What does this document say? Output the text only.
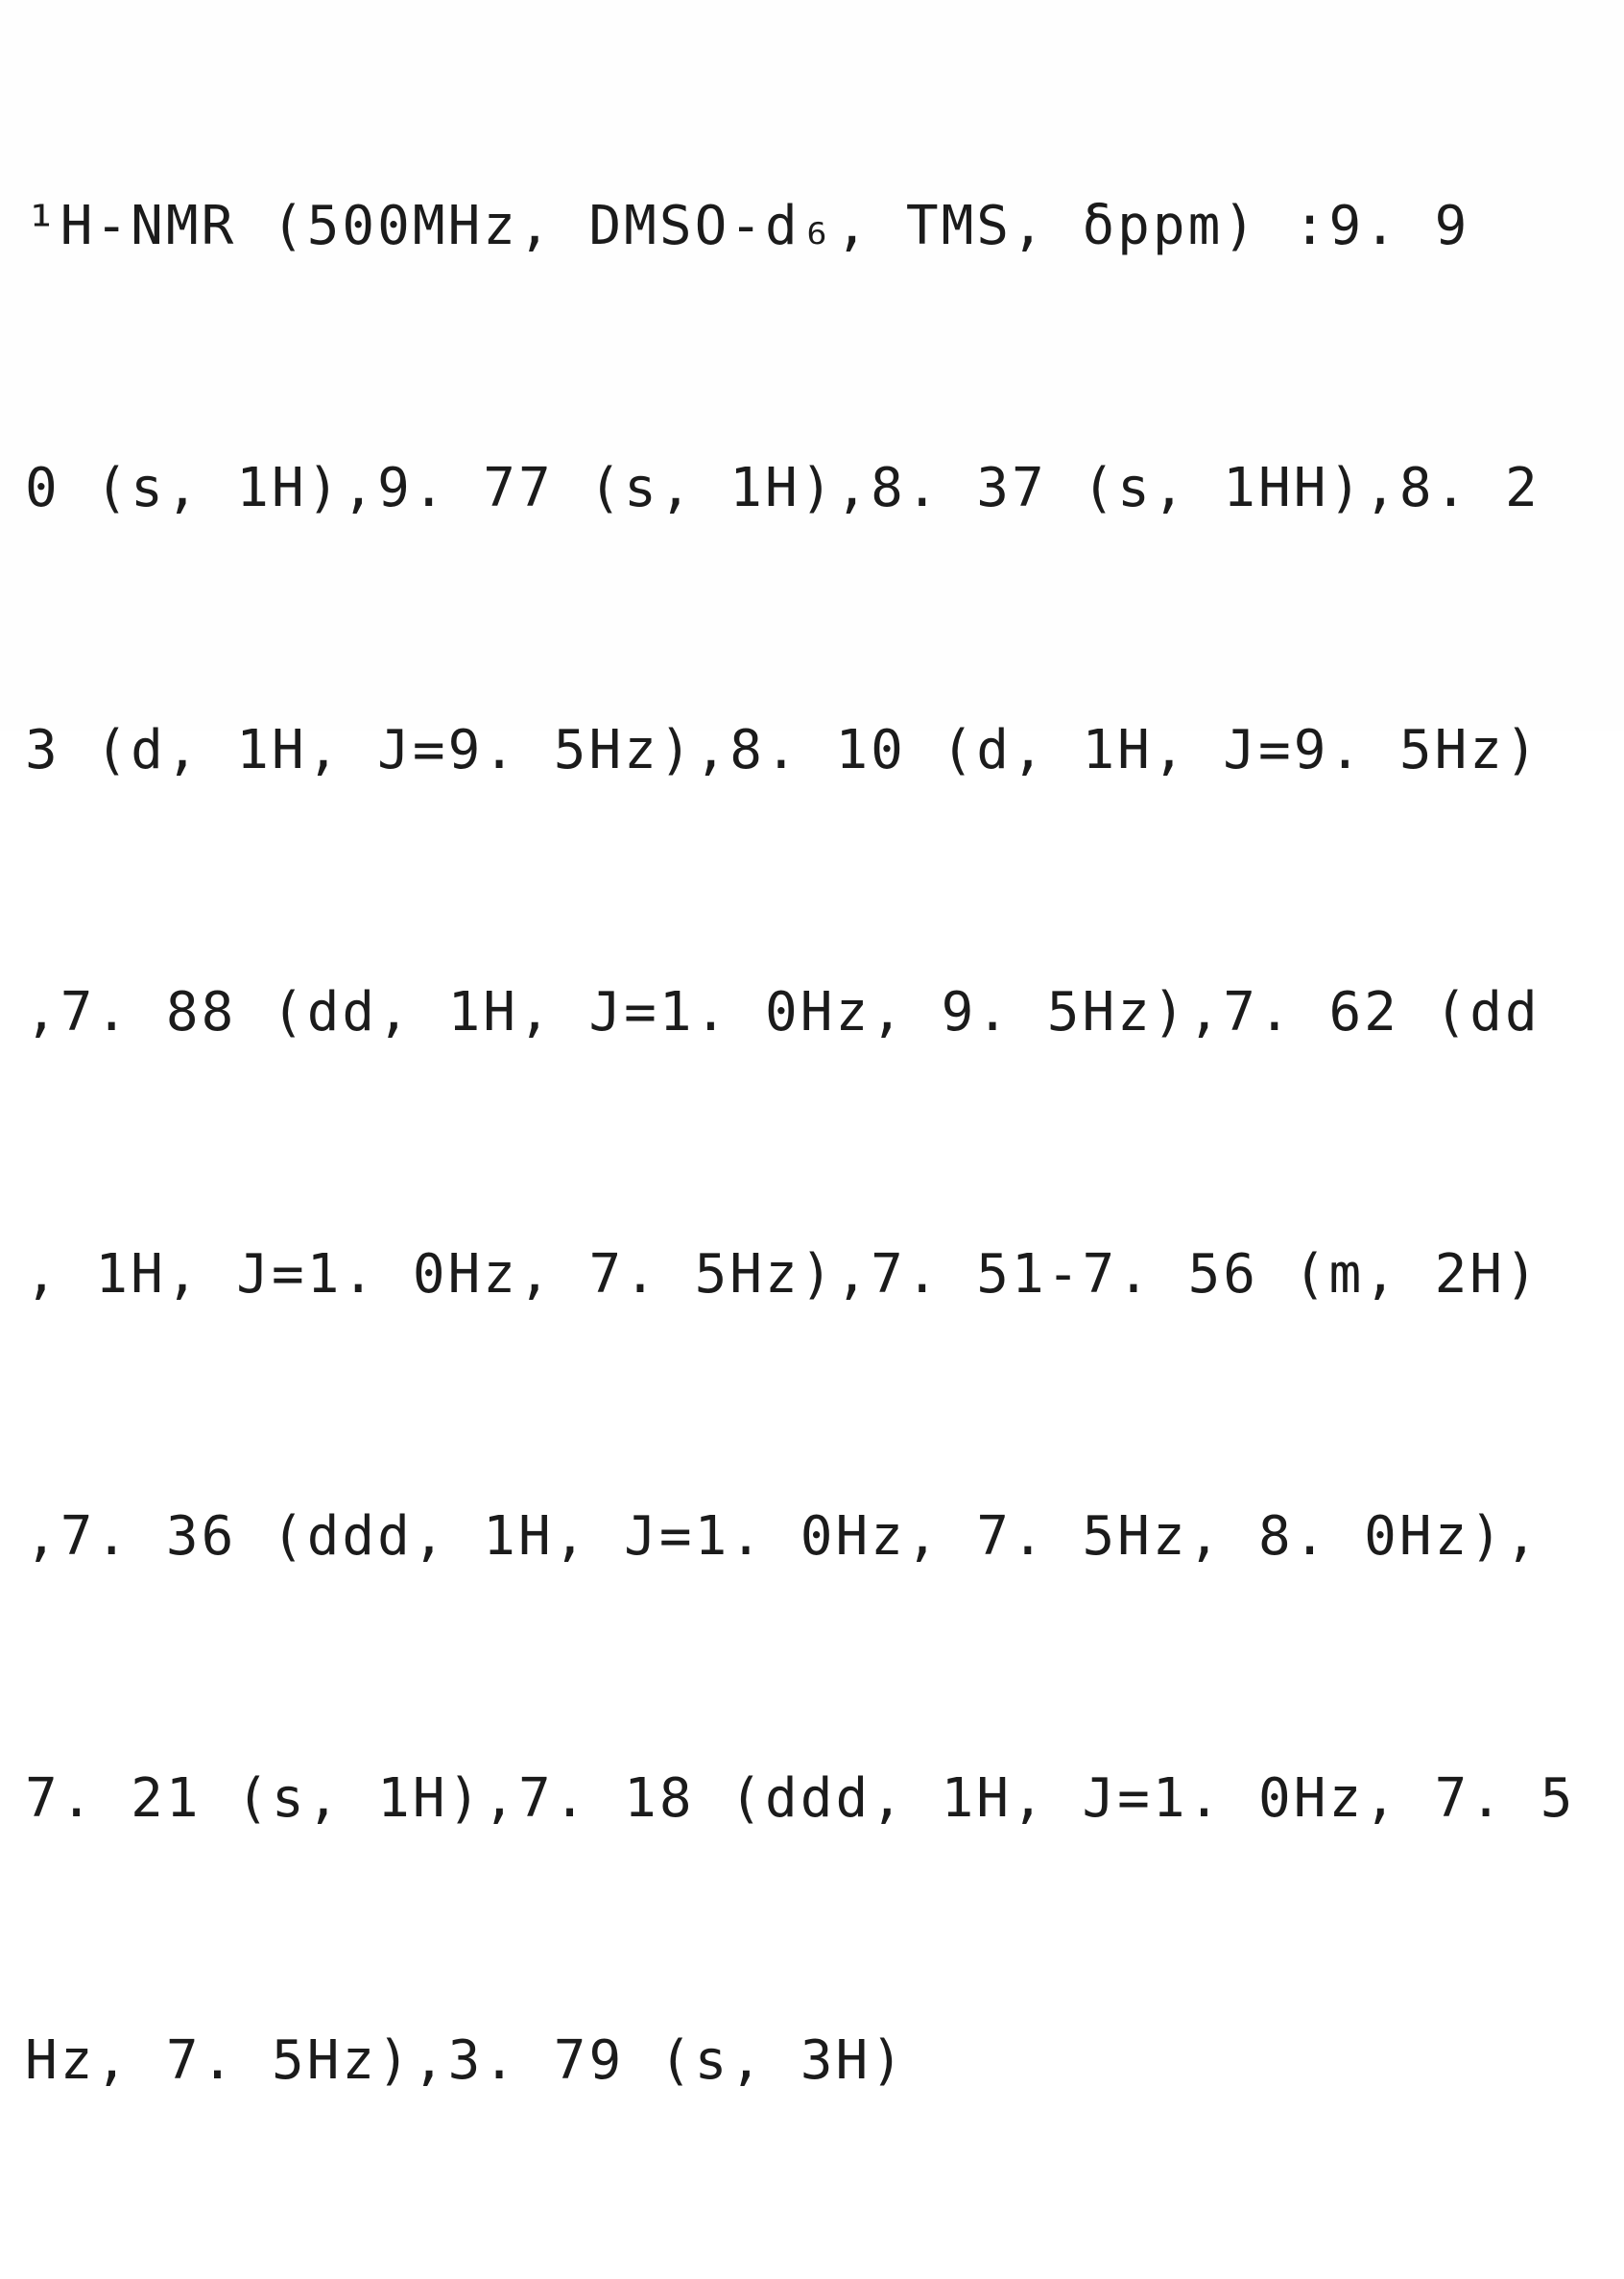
¹H-NMR (500MHz, DMSO-d₆, TMS, δppm) :9. 9

0 (s, 1H),9. 77 (s, 1H),8. 37 (s, 1HH),8. 2

3 (d, 1H, J=9. 5Hz),8. 10 (d, 1H, J=9. 5Hz)

,7. 88 (dd, 1H, J=1. 0Hz, 9. 5Hz),7. 62 (dd

, 1H, J=1. 0Hz, 7. 5Hz),7. 51-7. 56 (m, 2H)

,7. 36 (ddd, 1H, J=1. 0Hz, 7. 5Hz, 8. 0Hz),

7. 21 (s, 1H),7. 18 (ddd, 1H, J=1. 0Hz, 7. 5

Hz, 7. 5Hz),3. 79 (s, 3H)
